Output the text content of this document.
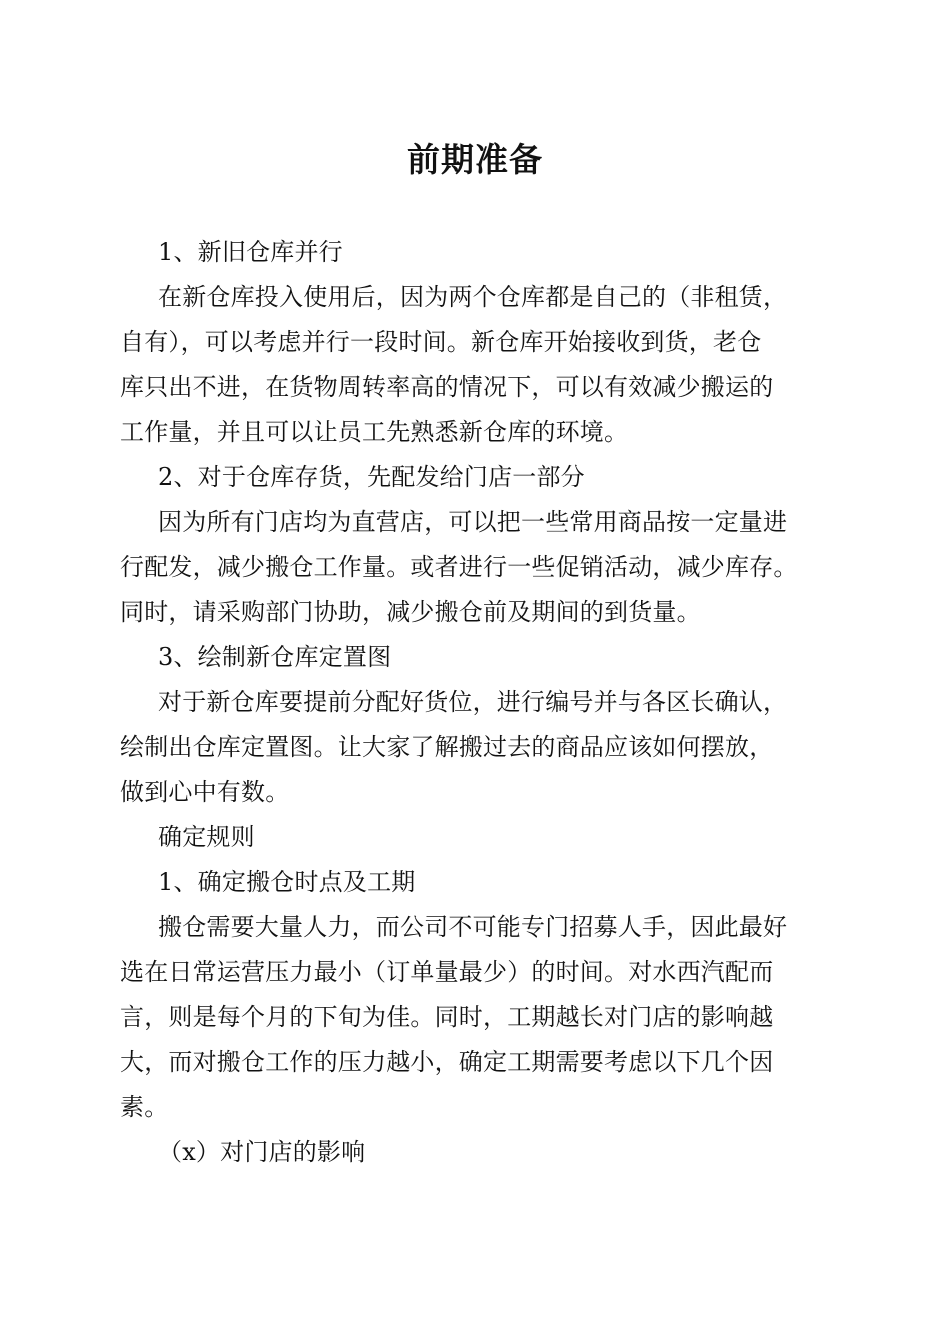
前期准备
1、新旧仓库并行
在新仓库投入使用后，因为两个仓库都是自己的（非租赁，
自有），可以考虑并行一段时间。新仓库开始接收到货，老仓
库只出不进，在货物周转率高的情况下，可以有效减少搬运的
工作量，并且可以让员工先熟悉新仓库的环境。
2、对于仓库存货，先配发给门店一部分
因为所有门店均为直营店，可以把一些常用商品按一定量进
行配发，减少搬仓工作量。或者进行一些促销活动，减少库存。
同时，请采购部门协助，减少搬仓前及期间的到货量。
3、绘制新仓库定置图
对于新仓库要提前分配好货位，进行编号并与各区长确认，
绘制出仓库定置图。让大家了解搬过去的商品应该如何摆放，
做到心中有数。
确定规则
1、确定搬仓时点及工期
搬仓需要大量人力，而公司不可能专门招募人手，因此最好
选在日常运营压力最小（订单量最少）的时间。对水西汽配而
言，则是每个月的下旬为佳。同时，工期越长对门店的影响越
大，而对搬仓工作的压力越小，确定工期需要考虑以下几个因
素。
（x）对门店的影响
